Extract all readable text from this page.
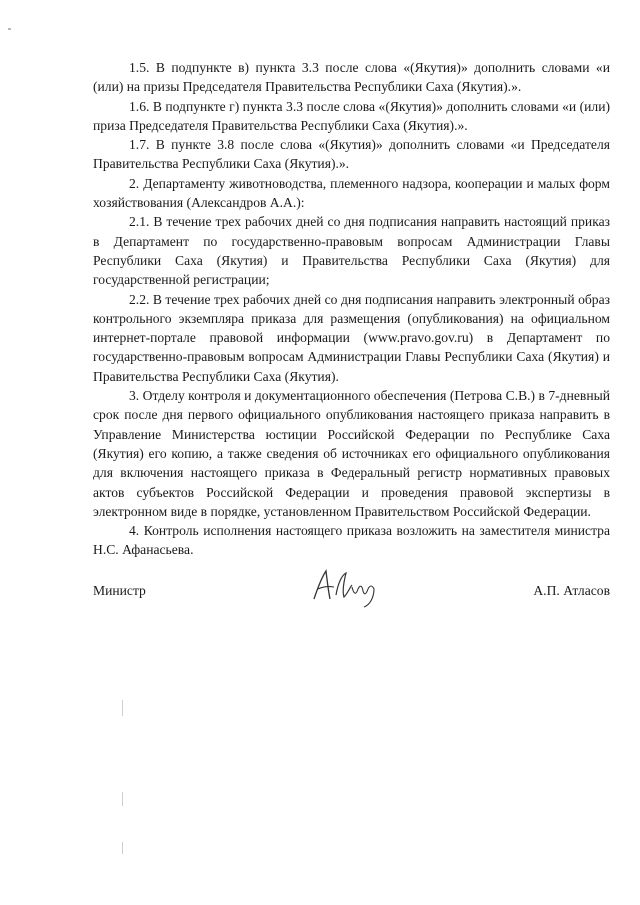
1.5. В подпункте в) пункта 3.3 после слова «(Якутия)» дополнить словами «и (или) на призы Председателя Правительства Республики Саха (Якутия).».

1.6. В подпункте г) пункта 3.3 после слова «(Якутия)» дополнить словами «и (или) приза Председателя Правительства Республики Саха (Якутия).».

1.7. В пункте 3.8 после слова «(Якутия)» дополнить словами «и Председателя Правительства Республики Саха (Якутия).».

2. Департаменту животноводства, племенного надзора, кооперации и малых форм хозяйствования (Александров А.А.):

2.1. В течение трех рабочих дней со дня подписания направить настоящий приказ в Департамент по государственно-правовым вопросам Администрации Главы Республики Саха (Якутия) и Правительства Республики Саха (Якутия) для государственной регистрации;

2.2. В течение трех рабочих дней со дня подписания направить электронный образ контрольного экземпляра приказа для размещения (опубликования) на официальном интернет-портале правовой информации (www.pravo.gov.ru) в Департамент по государственно-правовым вопросам Администрации Главы Республики Саха (Якутия) и Правительства Республики Саха (Якутия).

3. Отделу контроля и документационного обеспечения (Петрова С.В.) в 7-дневный срок после дня первого официального опубликования настоящего приказа направить в Управление Министерства юстиции Российской Федерации по Республике Саха (Якутия) его копию, а также сведения об источниках его официального опубликования для включения настоящего приказа в Федеральный регистр нормативных правовых актов субъектов Российской Федерации и проведения правовой экспертизы в электронном виде в порядке, установленном Правительством Российской Федерации.

4. Контроль исполнения настоящего приказа возложить на заместителя министра Н.С. Афанасьева.

Министр	А.П. Атласов
